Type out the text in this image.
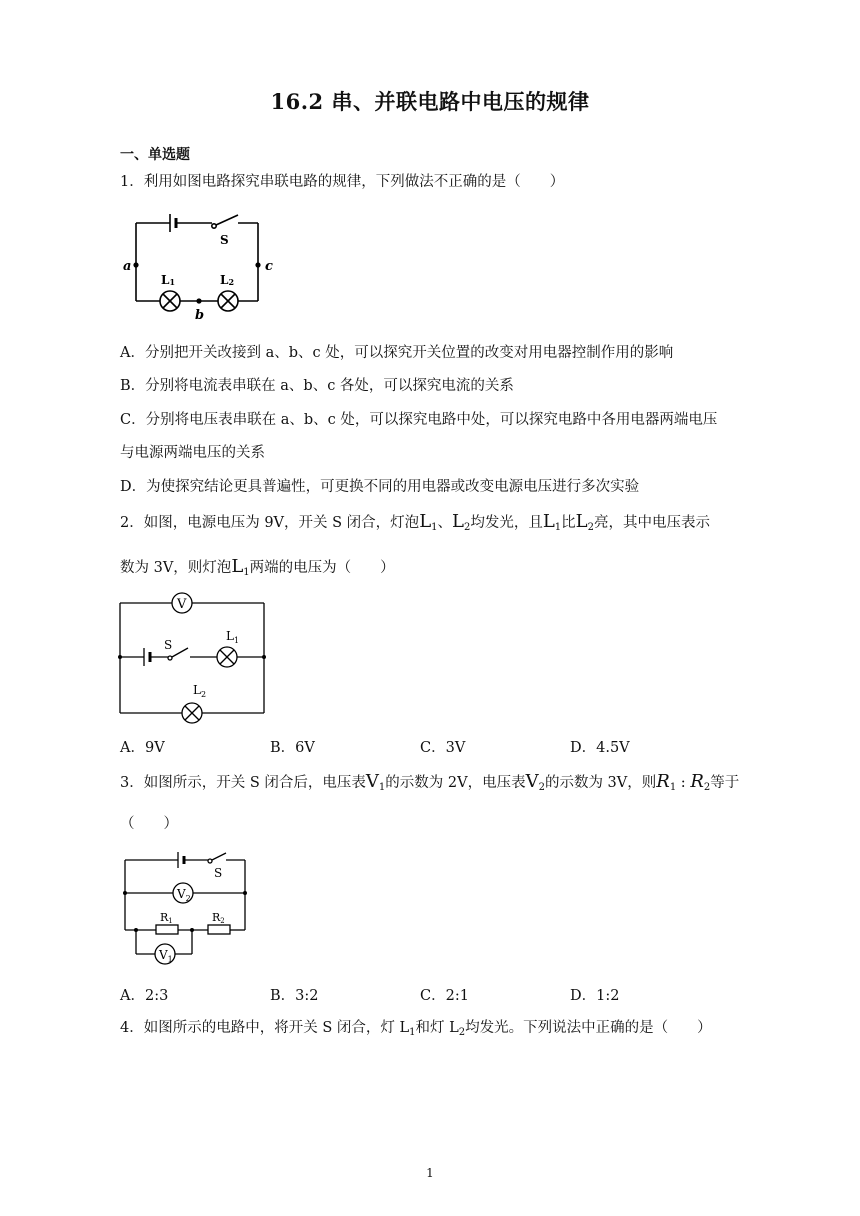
16.2 串、并联电路中电压的规律
一、单选题
1．利用如图电路探究串联电路的规律，下列做法不正确的是（　　）
a	c
b
S
L1	L2
A．分别把开关改接到 a、b、c 处，可以探究开关位置的改变对用电器控制作用的影响
B．分别将电流表串联在 a、b、c 各处，可以探究电流的关系
C．分别将电压表串联在 a、b、c 处，可以探究电路中处，可以探究电路中各用电器两端电压
与电源两端电压的关系
D．为使探究结论更具普遍性，可更换不同的用电器或改变电源电压进行多次实验
2．如图，电源电压为 9V，开关 S 闭合，灯泡$L_1$、$L_2$均发光，且$L_1$比$L_2$亮，其中电压表示
数为 3V，则灯泡$L_1$两端的电压为（　　）
V
S
$L_1$
$L_2$
A．9V	B．6V	C．3V	D．4.5V
3．如图所示，开关 S 闭合后，电压表$V_1$的示数为 2V，电压表$V_2$的示数为 3V，则$R_1$ : $R_2$等于
（　　）
S
$V_2$
R1	R2
$V_1$
A．2:3	B．3:2	C．2:1	D．1:2
4．如图所示的电路中，将开关 S 闭合，灯 $L_1$和灯 $L_2$均发光。下列说法中正确的是（　　）
1
